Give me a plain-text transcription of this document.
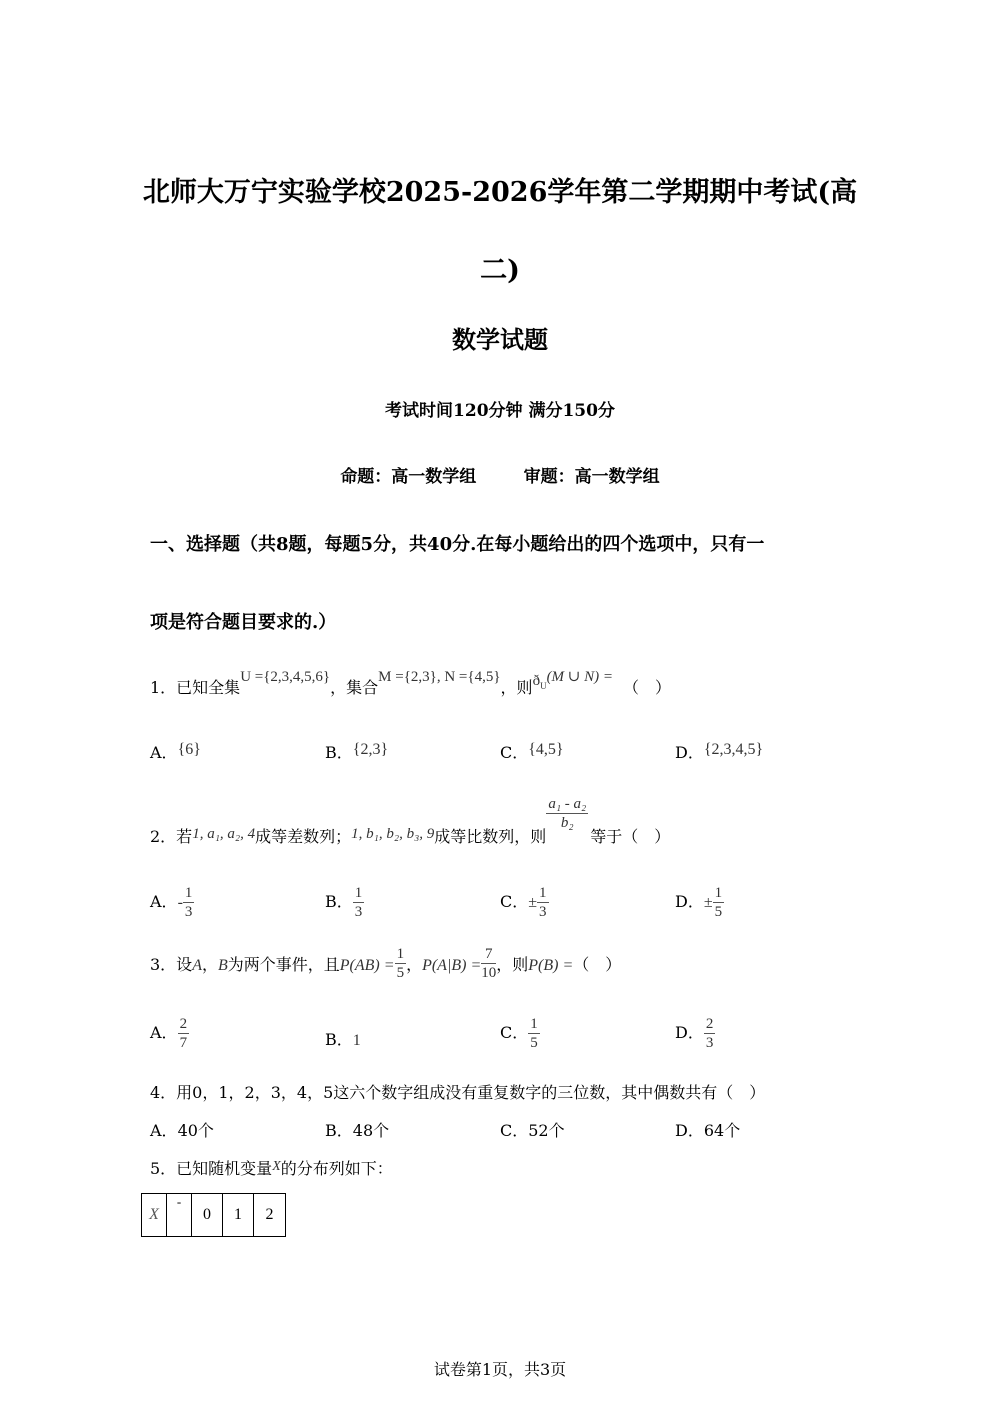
北师大万宁实验学校2025-2026学年第二学期期中考试(高
二)
数学试题
考试时间120分钟 满分150分
命题：高一数学组        审题：高一数学组
一、选择题（共8题，每题5分，共40分.在每小题给出的四个选项中，只有一
项是符合题目要求的.）
1．已知全集U ={2,3,4,5,6}，集合M ={2,3}, N ={4,5}，则$ð^U(M$ ∪ N) =（　）
A．{6}	B．{2,3}	C．{4,5}	D．{2,3,4,5}
2．若1, a₁, a₂, 4成等差数列；1, b₁, b₂, b₃, 9成等比数列，则
$\frac{\text{a₁ - a₂}}{\text{b₂}}$
等于（　）
A．- $\frac{1}{3}$	B． $\frac{1}{3}$	C．± $\frac{1}{3}$	D．± $\frac{1}{5}$
3．设A，B为两个事件，且$P(AB) = \frac{1}{5}$ ，$P(A|B) = \frac{7}{10}$ ，则P(B) =（　）
A． $\frac{2}{7}$	B．1	C． $\frac{1}{5}$	D． $\frac{2}{3}$
4．用0，1，2，3，4，5这六个数字组成没有重复数字的三位数，其中偶数共有（　）
A．40个	B．48个	C．52个	D．64个
5．已知随机变量X的分布列如下：
X	-	0	1	2
试卷第1页，共3页
